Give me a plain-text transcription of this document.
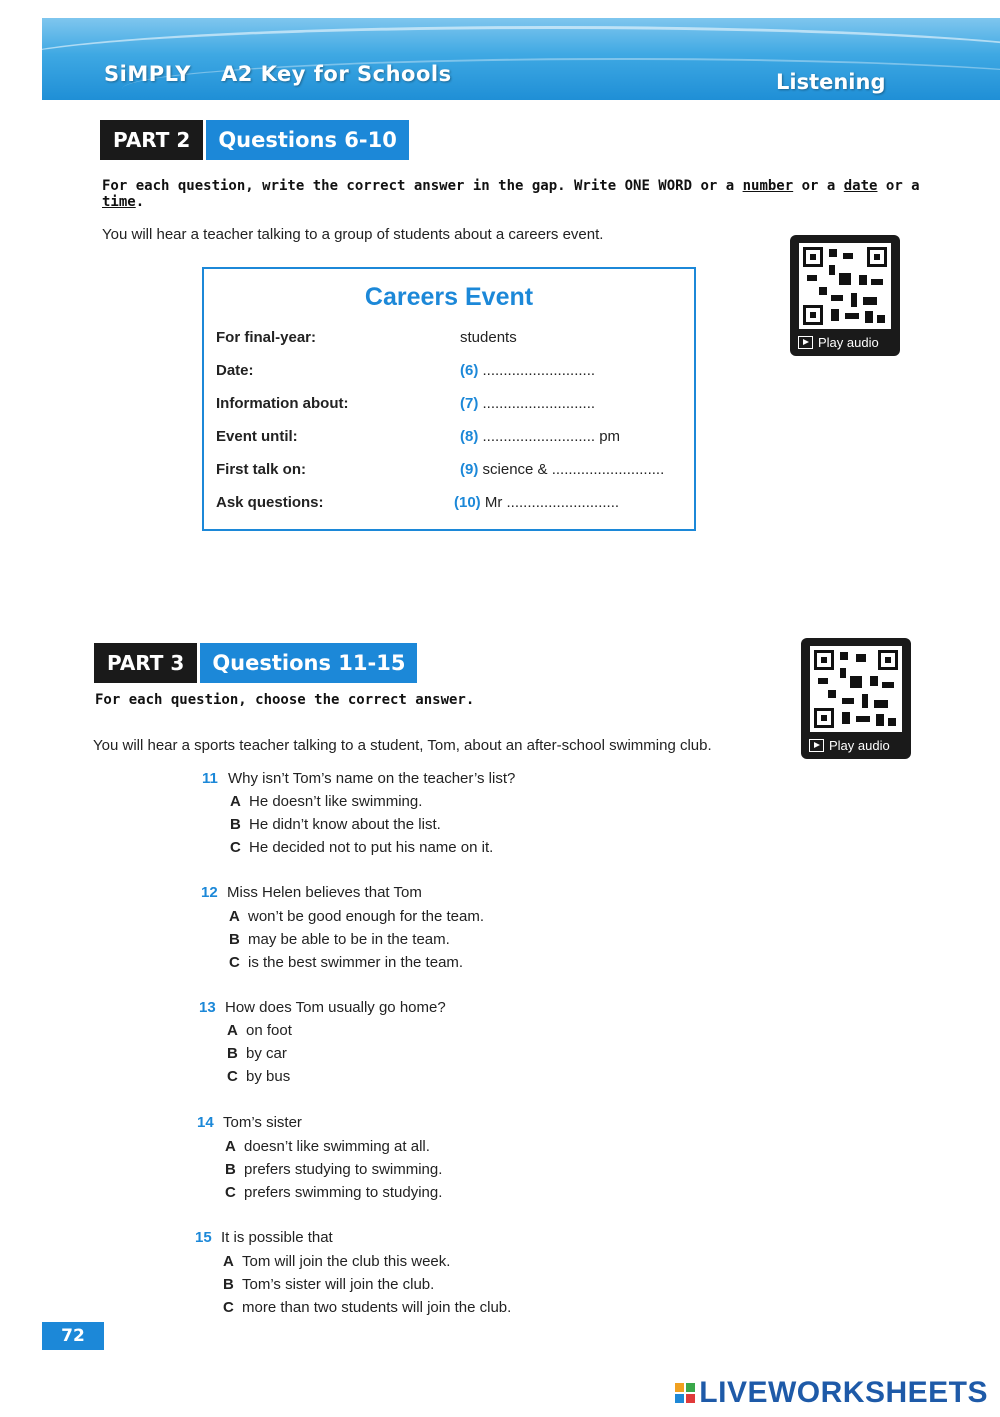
SiMPLY A2 Key for Schools	Listening
PART 2	Questions 6-10
For each question, write the correct answer in the gap. Write ONE WORD or a number or a date or a time.
You will hear a teacher talking to a group of students about a careers event.
Careers Event
For final-year:	students
Date:	(6) ...........................
Information about:	(7) ...........................
Event until:	(8) ........................... pm
First talk on:	(9) science & ...........................
Ask questions:	(10) Mr ...........................
Play audio
PART 3	Questions 11-15
For each question, choose the correct answer.
You will hear a sports teacher talking to a student, Tom, about an after-school swimming club.	Play audio
11 Why isn’t Tom’s name on the teacher’s list?
A He doesn’t like swimming.
B He didn’t know about the list.
C He decided not to put his name on it.
12 Miss Helen believes that Tom
A won’t be good enough for the team.
B may be able to be in the team.
C is the best swimmer in the team.
13 How does Tom usually go home?
A on foot
B by car
C by bus
14 Tom’s sister
A doesn’t like swimming at all.
B prefers studying to swimming.
C prefers swimming to studying.
15 It is possible that
A Tom will join the club this week.
B Tom’s sister will join the club.
C more than two students will join the club.
72
LIVEWORKSHEETS
